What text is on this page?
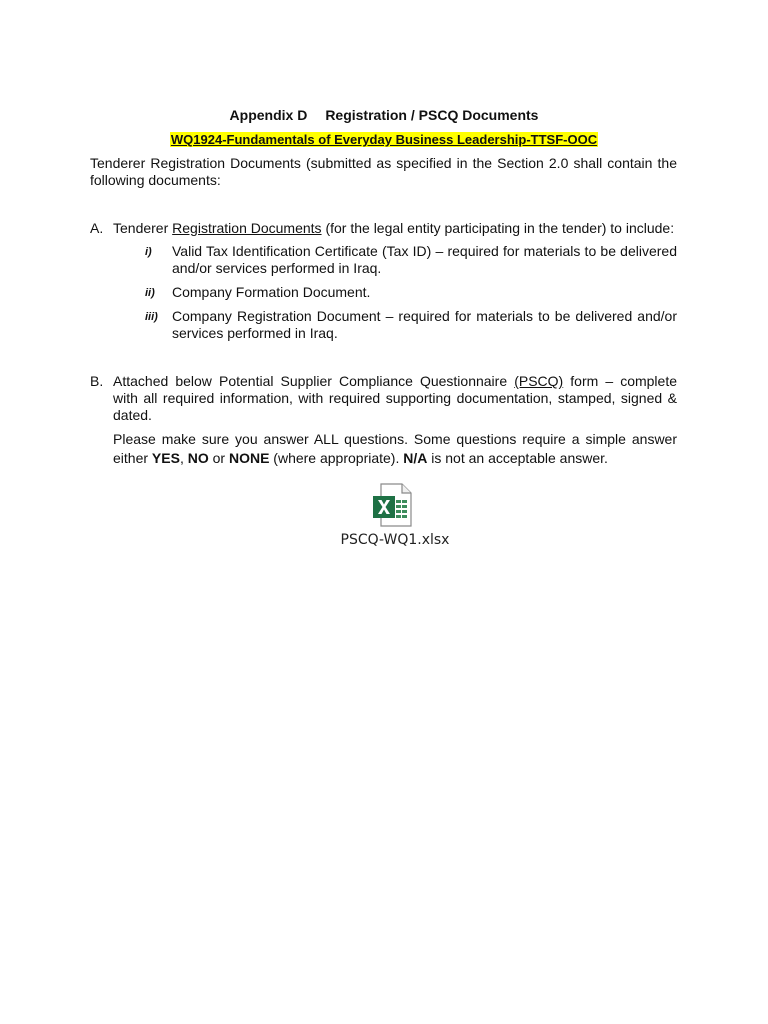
Appendix D Registration / PSCQ Documents
WQ1924-Fundamentals of Everyday Business Leadership-TTSF-OOC
Tenderer Registration Documents (submitted as specified in the Section 2.0 shall contain the following documents:
A. Tenderer Registration Documents (for the legal entity participating in the tender) to include:
i) Valid Tax Identification Certificate (Tax ID) – required for materials to be delivered and/or services performed in Iraq.
ii) Company Formation Document.
iii) Company Registration Document – required for materials to be delivered and/or services performed in Iraq.
B. Attached below Potential Supplier Compliance Questionnaire (PSCQ) form – complete with all required information, with required supporting documentation, stamped, signed & dated.
Please make sure you answer ALL questions. Some questions require a simple answer either YES, NO or NONE (where appropriate). N/A is not an acceptable answer.
PSCQ-WQ1.xlsx
